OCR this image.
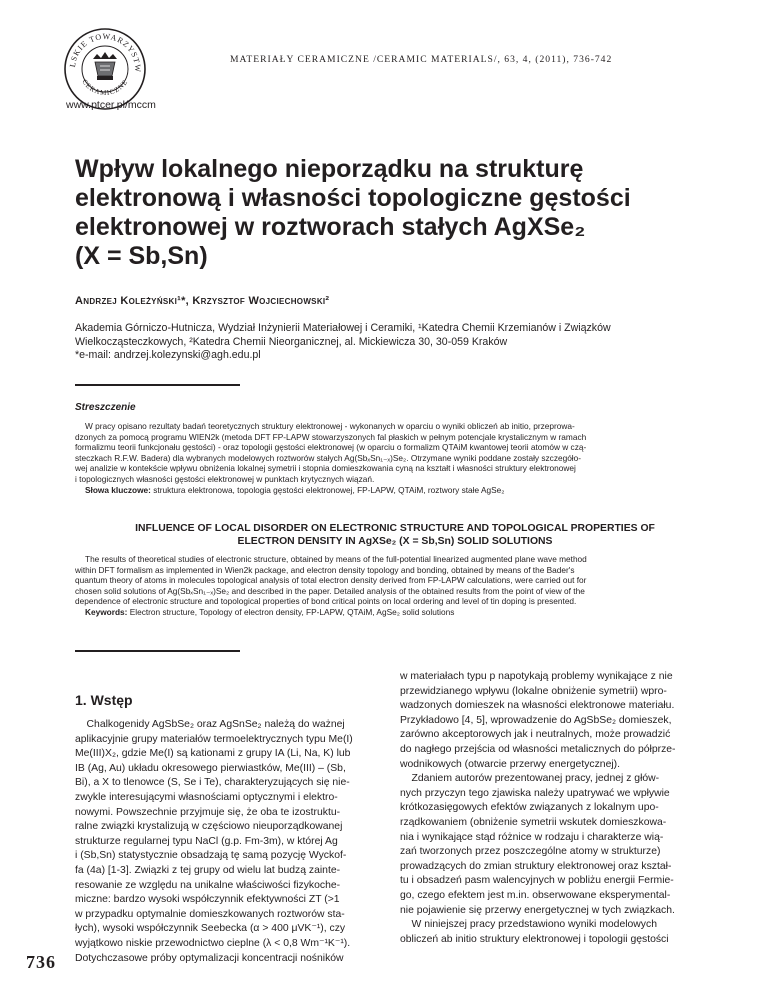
LSKIE TOWARZYSTW
CERAMICZNE
MATERIAŁY CERAMICZNE /CERAMIC MATERIALS/, 63, 4, (2011), 736-742
www.ptcer.pl/mccm
Wpływ lokalnego nieporządku na strukturę
elektronową i własności topologiczne gęstości
elektronowej w roztworach stałych AgXSe₂
(X = Sb,Sn)
Andrzej Koleżyński¹*, Krzysztof Wojciechowski²
Akademia Górniczo-Hutnicza, Wydział Inżynierii Materiałowej i Ceramiki, ¹Katedra Chemii Krzemianów i Związków
Wielkocząsteczkowych, ²Katedra Chemii Nieorganicznej, al. Mickiewicza 30, 30-059 Kraków
*e-mail: andrzej.kolezynski@agh.edu.pl
Streszczenie
W pracy opisano rezultaty badań teoretycznych struktury elektronowej - wykonanych w oparciu o wyniki obliczeń ab initio, przeprowa-
dzonych za pomocą programu WIEN2k (metoda DFT FP-LAPW stowarzyszonych fal płaskich w pełnym potencjale krystalicznym w ramach
formalizmu teorii funkcjonału gęstości) - oraz topologii gęstości elektronowej (w oparciu o formalizm QTAiM kwantowej teorii atomów w czą-
steczkach R.F.W. Badera) dla wybranych modelowych roztworów stałych Ag(SbₓSn₁₋ₓ)Se₂. Otrzymane wyniki poddane zostały szczegóło-
wej analizie w kontekście wpływu obniżenia lokalnej symetrii i stopnia domieszkowania cyną na kształt i własności struktury elektronowej
i topologicznych własności gęstości elektronowej w punktach krytycznych wiązań.
Słowa kluczowe: struktura elektronowa, topologia gęstości elektronowej, FP-LAPW, QTAiM, roztwory stałe AgSe₂
INFLUENCE OF LOCAL DISORDER ON ELECTRONIC STRUCTURE AND TOPOLOGICAL PROPERTIES OF
ELECTRON DENSITY IN AgXSe₂ (X = Sb,Sn) SOLID SOLUTIONS
The results of theoretical studies of electronic structure, obtained by means of the full-potential linearized augmented plane wave method
within DFT formalism as implemented in Wien2k package, and electron density topology and bonding, obtained by means of the Bader's
quantum theory of atoms in molecules topological analysis of total electron density derived from FP-LAPW calculations, were carried out for
chosen solid solutions of Ag(SbₓSn₁₋ₓ)Se₂ and described in the paper. Detailed analysis of the obtained results from the point of view of the
dependence of electronic structure and topological properties of bond critical points on local ordering and level of tin doping is presented.
Keywords: Electron structure, Topology of electron density, FP-LAPW, QTAiM, AgSe₂ solid solutions
1. Wstęp
Chalkogenidy AgSbSe₂ oraz AgSnSe₂ należą do ważnej
aplikacyjnie grupy materiałów termoelektrycznych typu Me(I)
Me(III)X₂, gdzie Me(I) są kationami z grupy IA (Li, Na, K) lub
IB (Ag, Au) układu okresowego pierwiastków, Me(III) – (Sb,
Bi), a X to tlenowce (S, Se i Te), charakteryzujących się nie-
zwykle interesującymi własnościami optycznymi i elektro-
nowymi. Powszechnie przyjmuje się, że oba te izostruktu-
ralne związki krystalizują w częściowo nieuporządkowanej
strukturze regularnej typu NaCl (g.p. Fm-3m), w której Ag
i (Sb,Sn) statystycznie obsadzają tę samą pozycję Wyckof-
fa (4a) [1-3]. Związki z tej grupy od wielu lat budzą zainte-
resowanie ze względu na unikalne właściwości fizykoche-
miczne: bardzo wysoki współczynnik efektywności ZT (>1
w przypadku optymalnie domieszkowanych roztworów sta-
łych), wysoki współczynnik Seebecka (α > 400 μVK⁻¹), czy
wyjątkowo niskie przewodnictwo cieplne (λ < 0,8 Wm⁻¹K⁻¹).
Dotychczasowe próby optymalizacji koncentracji nośników
w materiałach typu p napotykają problemy wynikające z nie
przewidzianego wpływu (lokalne obniżenie symetrii) wpro-
wadzonych domieszek na własności elektronowe materiału.
Przykładowo [4, 5], wprowadzenie do AgSbSe₂ domieszek,
zarówno akceptorowych jak i neutralnych, może prowadzić
do nagłego przejścia od własności metalicznych do półprze-
wodnikowych (otwarcie przerwy energetycznej).
Zdaniem autorów prezentowanej pracy, jednej z głów-
nych przyczyn tego zjawiska należy upatrywać we wpływie
krótkozasięgowych efektów związanych z lokalnym upo-
rządkowaniem (obniżenie symetrii wskutek domieszkowa-
nia i wynikające stąd różnice w rodzaju i charakterze wią-
zań tworzonych przez poszczególne atomy w strukturze)
prowadzących do zmian struktury elektronowej oraz kształ-
tu i obsadzeń pasm walencyjnych w pobliżu energii Fermie-
go, czego efektem jest m.in. obserwowane eksperymental-
nie pojawienie się przerwy energetycznej w tych związkach.
W niniejszej pracy przedstawiono wyniki modelowych
obliczeń ab initio struktury elektronowej i topologii gęstości
736
